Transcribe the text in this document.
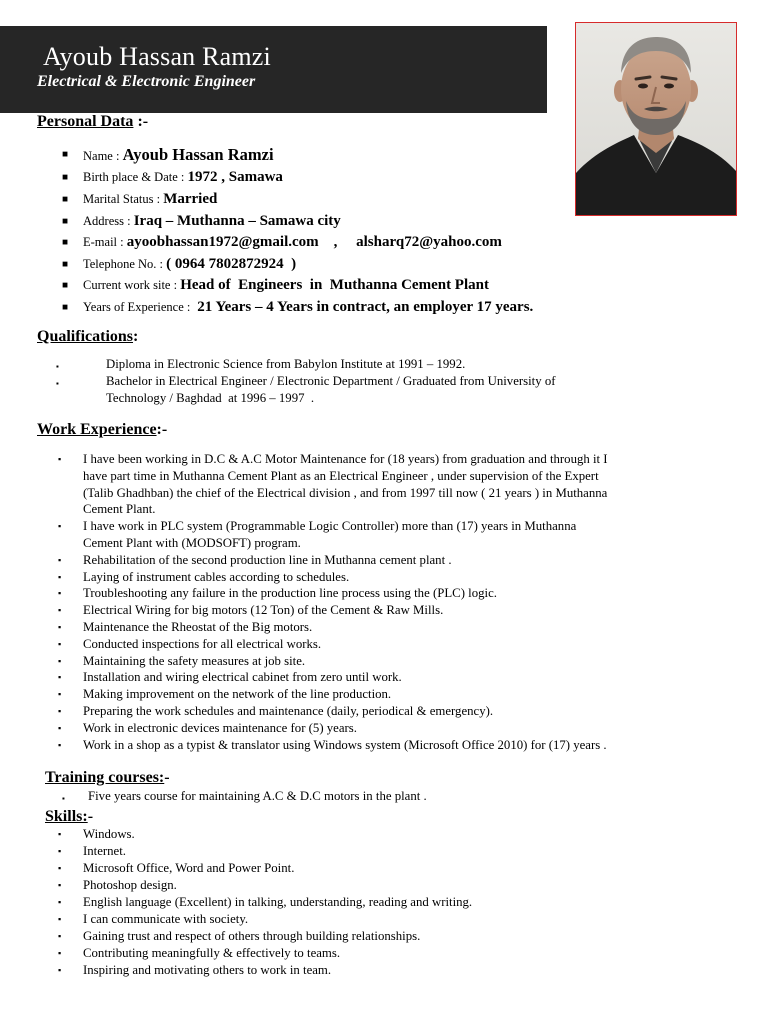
Ayoub Hassan Ramzi
Electrical & Electronic Engineer
Personal Data :-
■ Name : Ayoub Hassan Ramzi
■ Birth place & Date : 1972 , Samawa
■ Marital Status : Married
■ Address : Iraq – Muthanna – Samawa city
■ E-mail : ayoobhassan1972@gmail.com    ,     alsharq72@yahoo.com
■ Telephone No. : ( 0964 7802872924  )
■ Current work site : Head of  Engineers  in  Muthanna Cement Plant
■ Years of Experience :  21 Years – 4 Years in contract, an employer 17 years.
Qualifications:
▪	Diploma in Electronic Science from Babylon Institute at 1991 – 1992.
▪	Bachelor in Electrical Engineer / Electronic Department / Graduated from University of
Technology / Baghdad  at 1996 – 1997  .
Work Experience:-
▪ I have been working in D.C & A.C Motor Maintenance for (18 years) from graduation and through it I
have part time in Muthanna Cement Plant as an Electrical Engineer , under supervision of the Expert
(Talib Ghadhban) the chief of the Electrical division , and from 1997 till now ( 21 years ) in Muthanna
Cement Plant.
▪ I have work in PLC system (Programmable Logic Controller) more than (17) years in Muthanna
Cement Plant with (MODSOFT) program.
▪ Rehabilitation of the second production line in Muthanna cement plant .
▪ Laying of instrument cables according to schedules.
▪ Troubleshooting any failure in the production line process using the (PLC) logic.
▪ Electrical Wiring for big motors (12 Ton) of the Cement & Raw Mills.
▪ Maintenance the Rheostat of the Big motors.
▪ Conducted inspections for all electrical works.
▪ Maintaining the safety measures at job site.
▪ Installation and wiring electrical cabinet from zero until work.
▪ Making improvement on the network of the line production.
▪ Preparing the work schedules and maintenance (daily, periodical & emergency).
▪ Work in electronic devices maintenance for (5) years.
▪ Work in a shop as a typist & translator using Windows system (Microsoft Office 2010) for (17) years .
Training courses:-
▪ Five years course for maintaining A.C & D.C motors in the plant .
Skills:-
▪ Windows.
▪ Internet.
▪ Microsoft Office, Word and Power Point.
▪ Photoshop design.
▪ English language (Excellent) in talking, understanding, reading and writing.
▪ I can communicate with society.
▪ Gaining trust and respect of others through building relationships.
▪ Contributing meaningfully & effectively to teams.
▪ Inspiring and motivating others to work in team.
